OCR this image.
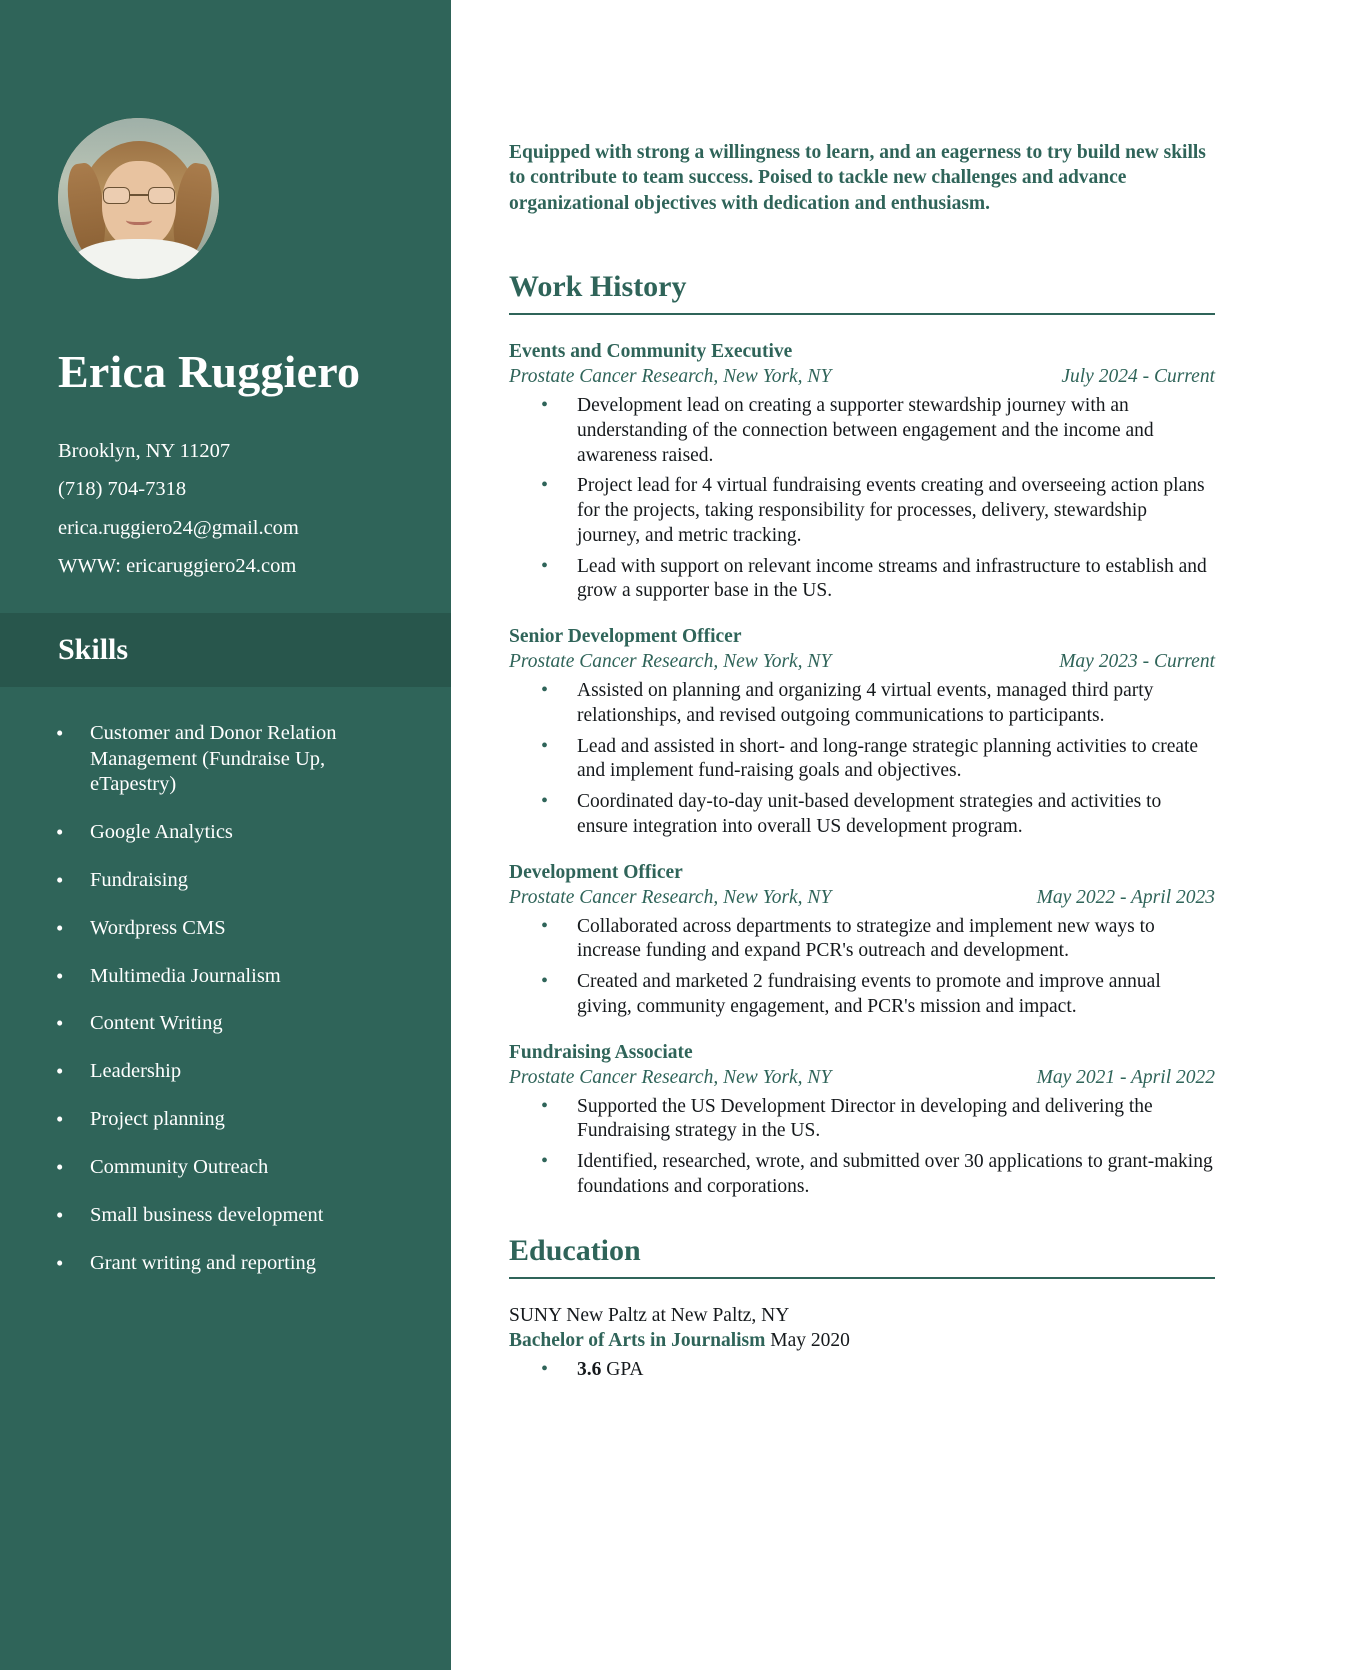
Erica Ruggiero
Brooklyn, NY 11207
(718) 704-7318
erica.ruggiero24@gmail.com
WWW: ericaruggiero24.com
Skills
• Customer and Donor Relation Management (Fundraise Up, eTapestry)
• Google Analytics
• Fundraising
• Wordpress CMS
• Multimedia Journalism
• Content Writing
• Leadership
• Project planning
• Community Outreach
• Small business development
• Grant writing and reporting

Equipped with strong a willingness to learn, and an eagerness to try build new skills to contribute to team success. Poised to tackle new challenges and advance organizational objectives with dedication and enthusiasm.

Work History
Events and Community Executive
Prostate Cancer Research, New York, NY	July 2024 - Current
• Development lead on creating a supporter stewardship journey with an understanding of the connection between engagement and the income and awareness raised.
• Project lead for 4 virtual fundraising events creating and overseeing action plans for the projects, taking responsibility for processes, delivery, stewardship journey, and metric tracking.
• Lead with support on relevant income streams and infrastructure to establish and grow a supporter base in the US.
Senior Development Officer
Prostate Cancer Research, New York, NY	May 2023 - Current
• Assisted on planning and organizing 4 virtual events, managed third party relationships, and revised outgoing communications to participants.
• Lead and assisted in short- and long-range strategic planning activities to create and implement fund-raising goals and objectives.
• Coordinated day-to-day unit-based development strategies and activities to ensure integration into overall US development program.
Development Officer
Prostate Cancer Research, New York, NY	May 2022 - April 2023
• Collaborated across departments to strategize and implement new ways to increase funding and expand PCR's outreach and development.
• Created and marketed 2 fundraising events to promote and improve annual giving, community engagement, and PCR's mission and impact.
Fundraising Associate
Prostate Cancer Research, New York, NY	May 2021 - April 2022
• Supported the US Development Director in developing and delivering the Fundraising strategy in the US.
• Identified, researched, wrote, and submitted over 30 applications to grant-making foundations and corporations.
Education
SUNY New Paltz at New Paltz, NY
Bachelor of Arts in Journalism May 2020
• 3.6 GPA
